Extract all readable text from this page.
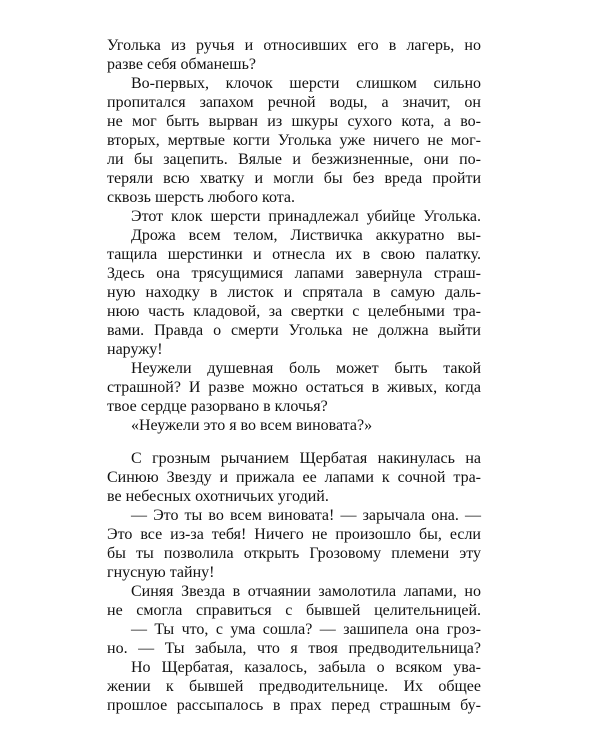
Уголька из ручья и относивших его в лагерь, но
разве себя обманешь?
Во-первых, клочок шерсти слишком сильно
пропитался запахом речной воды, а значит, он
не мог быть вырван из шкуры сухого кота, а во-
вторых, мертвые когти Уголька уже ничего не мог-
ли бы зацепить. Вялые и безжизненные, они по-
теряли всю хватку и могли бы без вреда пройти
сквозь шерсть любого кота.
Этот клок шерсти принадлежал убийце Уголька.
Дрожа всем телом, Листвичка аккуратно вы-
тащила шерстинки и отнесла их в свою палатку.
Здесь она трясущимися лапами завернула страш-
ную находку в листок и спрятала в самую даль-
нюю часть кладовой, за свертки с целебными тра-
вами. Правда о смерти Уголька не должна выйти
наружу!
Неужели душевная боль может быть такой
страшной? И разве можно остаться в живых, когда
твое сердце разорвано в клочья?
«Неужели это я во всем виновата?»
С грозным рычанием Щербатая накинулась на
Синюю Звезду и прижала ее лапами к сочной тра-
ве небесных охотничьих угодий.
— Это ты во всем виновата! — зарычала она. —
Это все из-за тебя! Ничего не произошло бы, если
бы ты позволила открыть Грозовому племени эту
гнусную тайну!
Синяя Звезда в отчаянии замолотила лапами, но
не смогла справиться с бывшей целительницей.
— Ты что, с ума сошла? — зашипела она гроз-
но. — Ты забыла, что я твоя предводительница?
Но Щербатая, казалось, забыла о всяком ува-
жении к бывшей предводительнице. Их общее
прошлое рассыпалось в прах перед страшным бу-
